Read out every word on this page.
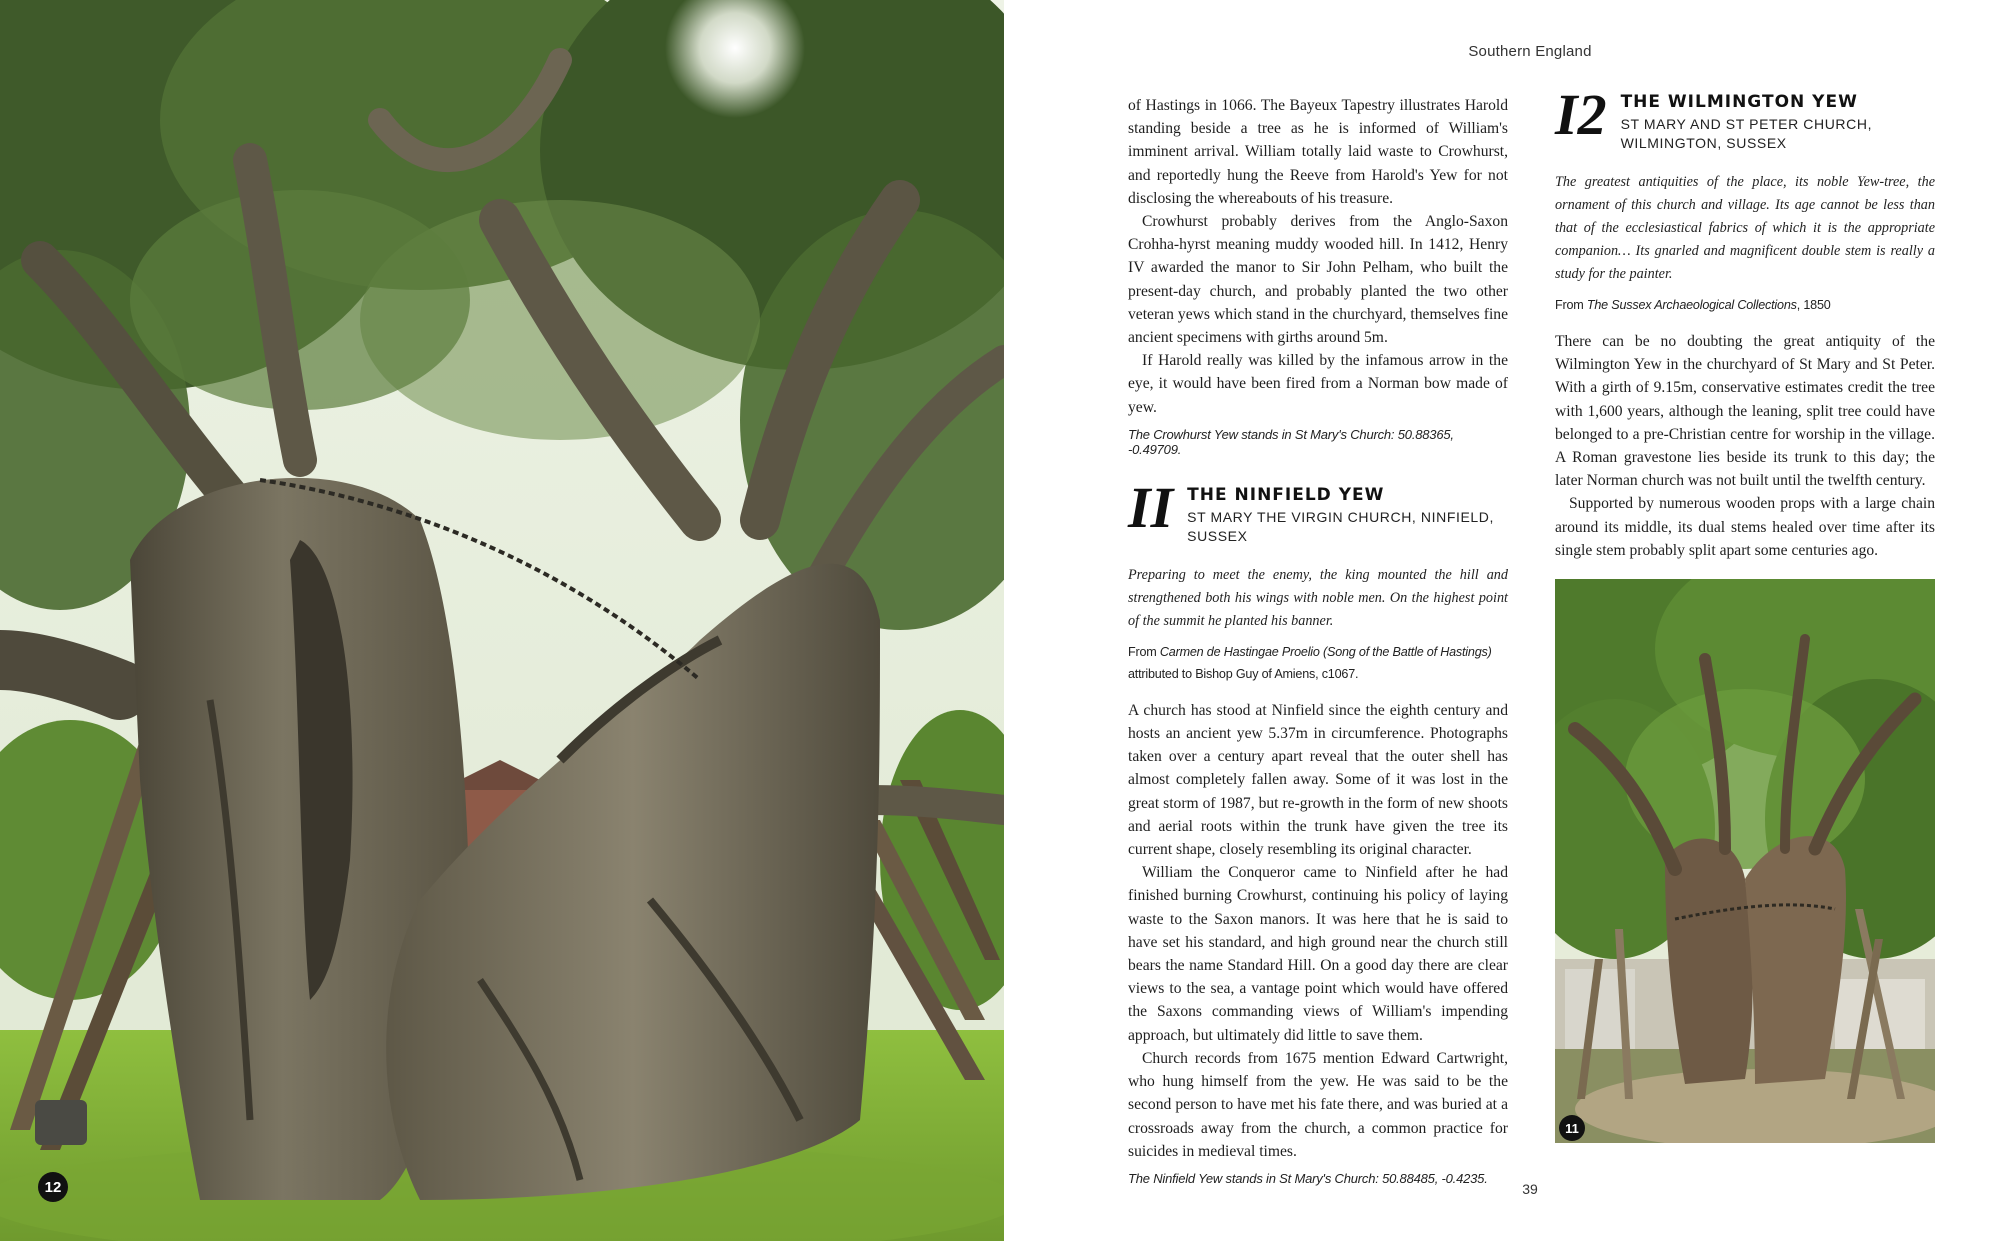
12
Southern England

of Hastings in 1066. The Bayeux Tapestry illustrates Harold standing beside a tree as he is informed of William's imminent arrival. William totally laid waste to Crowhurst, and reportedly hung the Reeve from Harold's Yew for not disclosing the whereabouts of his treasure.

Crowhurst probably derives from the Anglo-Saxon Crohha-hyrst meaning muddy wooded hill. In 1412, Henry IV awarded the manor to Sir John Pelham, who built the present-day church, and probably planted the two other veteran yews which stand in the churchyard, themselves fine ancient specimens with girths around 5m.

If Harold really was killed by the infamous arrow in the eye, it would have been fired from a Norman bow made of yew.

The Crowhurst Yew stands in St Mary's Church: 50.88365, -0.49709.
II THE NINFIELD YEW
ST MARY THE VIRGIN CHURCH, NINFIELD, SUSSEX
Preparing to meet the enemy, the king mounted the hill and strengthened both his wings with noble men. On the highest point of the summit he planted his banner.
From Carmen de Hastingae Proelio (Song of the Battle of Hastings) attributed to Bishop Guy of Amiens, c1067.

A church has stood at Ninfield since the eighth century and hosts an ancient yew 5.37m in circumference. Photographs taken over a century apart reveal that the outer shell has almost completely fallen away. Some of it was lost in the great storm of 1987, but re-growth in the form of new shoots and aerial roots within the trunk have given the tree its current shape, closely resembling its original character.

William the Conqueror came to Ninfield after he had finished burning Crowhurst, continuing his policy of laying waste to the Saxon manors. It was here that he is said to have set his standard, and high ground near the church still bears the name Standard Hill. On a good day there are clear views to the sea, a vantage point which would have offered the Saxons commanding views of William's impending approach, but ultimately did little to save them.

Church records from 1675 mention Edward Cartwright, who hung himself from the yew. He was said to be the second person to have met his fate there, and was buried at a crossroads away from the church, a common practice for suicides in medieval times.

The Ninfield Yew stands in St Mary's Church: 50.88485, -0.4235.
I2 THE WILMINGTON YEW
ST MARY AND ST PETER CHURCH, WILMINGTON, SUSSEX
The greatest antiquities of the place, its noble Yew-tree, the ornament of this church and village. Its age cannot be less than that of the ecclesiastical fabrics of which it is the appropriate companion… Its gnarled and magnificent double stem is really a study for the painter.
From The Sussex Archaeological Collections, 1850

There can be no doubting the great antiquity of the Wilmington Yew in the churchyard of St Mary and St Peter. With a girth of 9.15m, conservative estimates credit the tree with 1,600 years, although the leaning, split tree could have belonged to a pre-Christian centre for worship in the village. A Roman gravestone lies beside its trunk to this day; the later Norman church was not built until the twelfth century.

Supported by numerous wooden props with a large chain around its middle, its dual stems healed over time after its single stem probably split apart some centuries ago.

11
39
